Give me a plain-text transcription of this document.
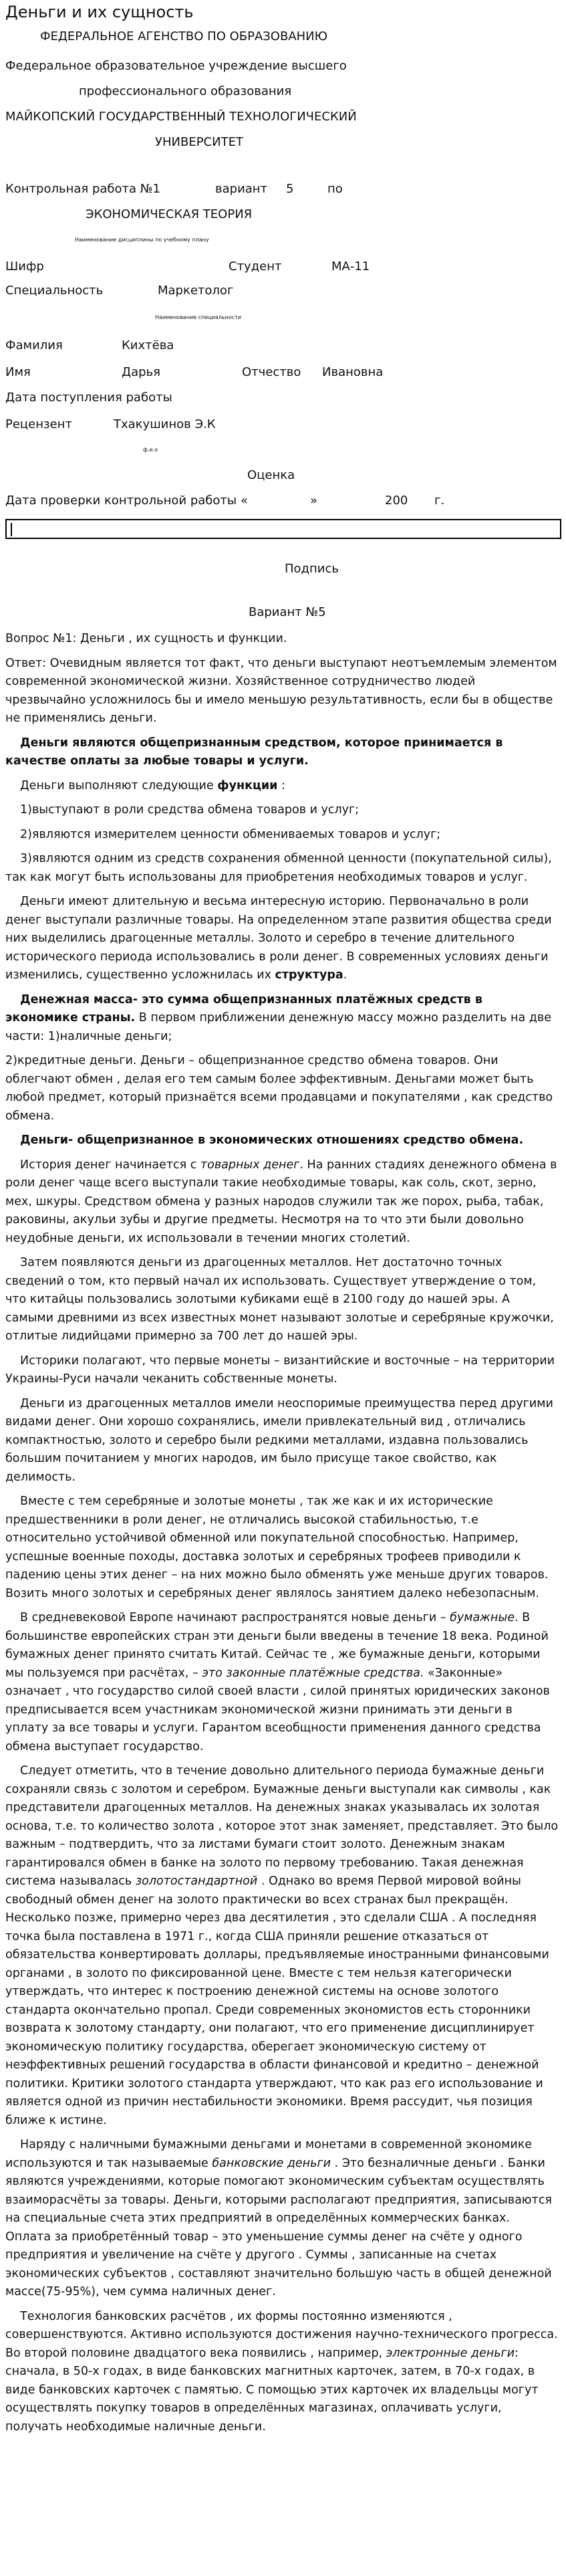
Деньги и их сущность
ФЕДЕРАЛЬНОЕ АГЕНСТВО ПО ОБРАЗОВАНИЮ
Федеральное образовательное учреждение высшего
профессионального образования
МАЙКОПСКИЙ ГОСУДАРСТВЕННЫЙ ТЕХНОЛОГИЧЕСКИЙ
УНИВЕРСИТЕТ
Контрольная работа №1	вариант 5	по
ЭКОНОМИЧЕСКАЯ ТЕОРИЯ
Наименование дисциплины по учебному плану
Шифр	Студент	МА-11
Специальность	Маркетолог
Наименование специальности
Фамилия	Кихтёва
Имя	Дарья	Отчество Ивановна
Дата поступления работы
Рецензент	Тхакушинов Э.К
ф.и.о
Оценка
Дата проверки контрольной работы «	»	200 г.
Подпись
Вариант №5

Вопрос №1: Деньги , их сущность и функции.

Ответ: Очевидным является тот факт, что деньги выступают неотъемлемым элементом современной экономической жизни. Хозяйственное сотрудничество людей чрезвычайно усложнилось бы и имело меньшую результативность, если бы в обществе не применялись деньги.

Деньги являются общепризнанным средством, которое принимается в качестве оплаты за любые товары и услуги.

Деньги выполняют следующие функции :

1)выступают в роли средства обмена товаров и услуг;

2)являются измерителем ценности обмениваемых товаров и услуг;

3)являются одним из средств сохранения обменной ценности (покупательной силы), так как могут быть использованы для приобретения необходимых товаров и услуг.

Деньги имеют длительную и весьма интересную историю. Первоначально в роли денег выступали различные товары. На определенном этапе развития общества среди них выделились драгоценные металлы. Золото и серебро в течение длительного исторического периода использовались в роли денег. В современных условиях деньги изменились, существенно усложнилась их структура.

Денежная масса- это сумма общепризнанных платёжных средств в экономике страны. В первом приближении денежную массу можно разделить на две части: 1)наличные деньги;

2)кредитные деньги. Деньги – общепризнанное средство обмена товаров. Они облегчают обмен , делая его тем самым более эффективным. Деньгами может быть любой предмет, который признаётся всеми продавцами и покупателями , как средство обмена.

Деньги- общепризнанное в экономических отношениях средство обмена.

История денег начинается с товарных денег. На ранних стадиях денежного обмена в роли денег чаще всего выступали такие необходимые товары, как соль, скот, зерно, мех, шкуры. Средством обмена у разных народов служили так же порох, рыба, табак, раковины, акульи зубы и другие предметы. Несмотря на то что эти были довольно неудобные деньги, их использовали в течении многих столетий.

Затем появляются деньги из драгоценных металлов. Нет достаточно точных сведений о том, кто первый начал их использовать. Существует утверждение о том, что китайцы пользовались золотыми кубиками ещё в 2100 году до нашей эры. А самыми древними из всех известных монет называют золотые и серебряные кружочки, отлитые лидийцами примерно за 700 лет до нашей эры.

Историки полагают, что первые монеты – византийские и восточные – на территории Украины-Руси начали чеканить собственные монеты.

Деньги из драгоценных металлов имели неоспоримые преимущества перед другими видами денег. Они хорошо сохранялись, имели привлекательный вид , отличались компактностью, золото и серебро были редкими металлами, издавна пользовались большим почитанием у многих народов, им было присуще такое свойство, как делимость.

Вместе с тем серебряные и золотые монеты , так же как и их исторические предшественники в роли денег, не отличались высокой стабильностью, т.е относительно устойчивой обменной или покупательной способностью. Например, успешные военные походы, доставка золотых и серебряных трофеев приводили к падению цены этих денег – на них можно было обменять уже меньше других товаров. Возить много золотых и серебряных денег являлось занятием далеко небезопасным.

В средневековой Европе начинают распространятся новые деньги – бумажные. В большинстве европейских стран эти деньги были введены в течение 18 века. Родиной бумажных денег принято считать Китай. Сейчас те , же бумажные деньги, которыми мы пользуемся при расчётах, – это законные платёжные средства. «Законные» означает , что государство силой своей власти , силой принятых юридических законов предписывается всем участникам экономической жизни принимать эти деньги в уплату за все товары и услуги. Гарантом всеобщности применения данного средства обмена выступает государство.

Следует отметить, что в течение довольно длительного периода бумажные деньги сохраняли связь с золотом и серебром. Бумажные деньги выступали как символы , как представители драгоценных металлов. На денежных знаках указывалась их золотая основа, т.е. то количество золота , которое этот знак заменяет, представляет. Это было важным – подтвердить, что за листами бумаги стоит золото. Денежным знакам гарантировался обмен в банке на золото по первому требованию. Такая денежная система называлась золотостандартной . Однако во время Первой мировой войны свободный обмен денег на золото практически во всех странах был прекращён. Несколько позже, примерно через два десятилетия , это сделали США . А последняя точка была поставлена в 1971 г., когда США приняли решение отказаться от обязательства конвертировать доллары, предъявляемые иностранными финансовыми органами , в золото по фиксированной цене. Вместе с тем нельзя категорически утверждать, что интерес к построению денежной системы на основе золотого стандарта окончательно пропал. Среди современных экономистов есть сторонники возврата к золотому стандарту, они полагают, что его применение дисциплинирует экономическую политику государства, оберегает экономическую систему от неэффективных решений государства в области финансовой и кредитно – денежной политики. Критики золотого стандарта утверждают, что как раз его использование и является одной из причин нестабильности экономики. Время рассудит, чья позиция ближе к истине.

Наряду с наличными бумажными деньгами и монетами в современной экономике используются и так называемые банковские деньги . Это безналичные деньги . Банки являются учреждениями, которые помогают экономическим субъектам осуществлять взаиморасчёты за товары. Деньги, которыми располагают предприятия, записываются на специальные счета этих предприятий в определённых коммерческих банках. Оплата за приобретённый товар – это уменьшение суммы денег на счёте у одного предприятия и увеличение на счёте у другого . Суммы , записанные на счетах экономических субъектов , составляют значительно большую часть в общей денежной массе(75-95%), чем сумма наличных денег.

Технология банковских расчётов , их формы постоянно изменяются , совершенствуются. Активно используются достижения научно-технического прогресса. Во второй половине двадцатого века появились , например, электронные деньги: сначала, в 50-х годах, в виде банковских магнитных карточек, затем, в 70-х годах, в виде банковских карточек с памятью. С помощью этих карточек их владельцы могут осуществлять покупку товаров в определённых магазинах, оплачивать услуги, получать необходимые наличные деньги.
